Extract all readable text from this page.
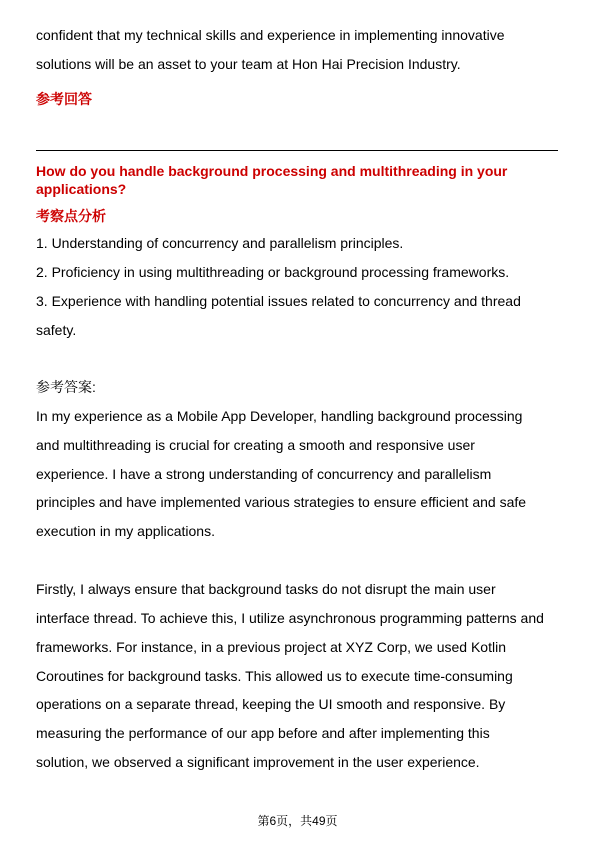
confident that my technical skills and experience in implementing innovative
solutions will be an asset to your team at Hon Hai Precision Industry.
参考回答
How do you handle background processing and multithreading in your
applications?
考察点分析
1. Understanding of concurrency and parallelism principles.
2. Proficiency in using multithreading or background processing frameworks.
3. Experience with handling potential issues related to concurrency and thread
safety.
参考答案:
In my experience as a Mobile App Developer, handling background processing
and multithreading is crucial for creating a smooth and responsive user
experience. I have a strong understanding of concurrency and parallelism
principles and have implemented various strategies to ensure efficient and safe
execution in my applications.
Firstly, I always ensure that background tasks do not disrupt the main user
interface thread. To achieve this, I utilize asynchronous programming patterns and
frameworks. For instance, in a previous project at XYZ Corp, we used Kotlin
Coroutines for background tasks. This allowed us to execute time-consuming
operations on a separate thread, keeping the UI smooth and responsive. By
measuring the performance of our app before and after implementing this
solution, we observed a significant improvement in the user experience.
第6页，共49页
